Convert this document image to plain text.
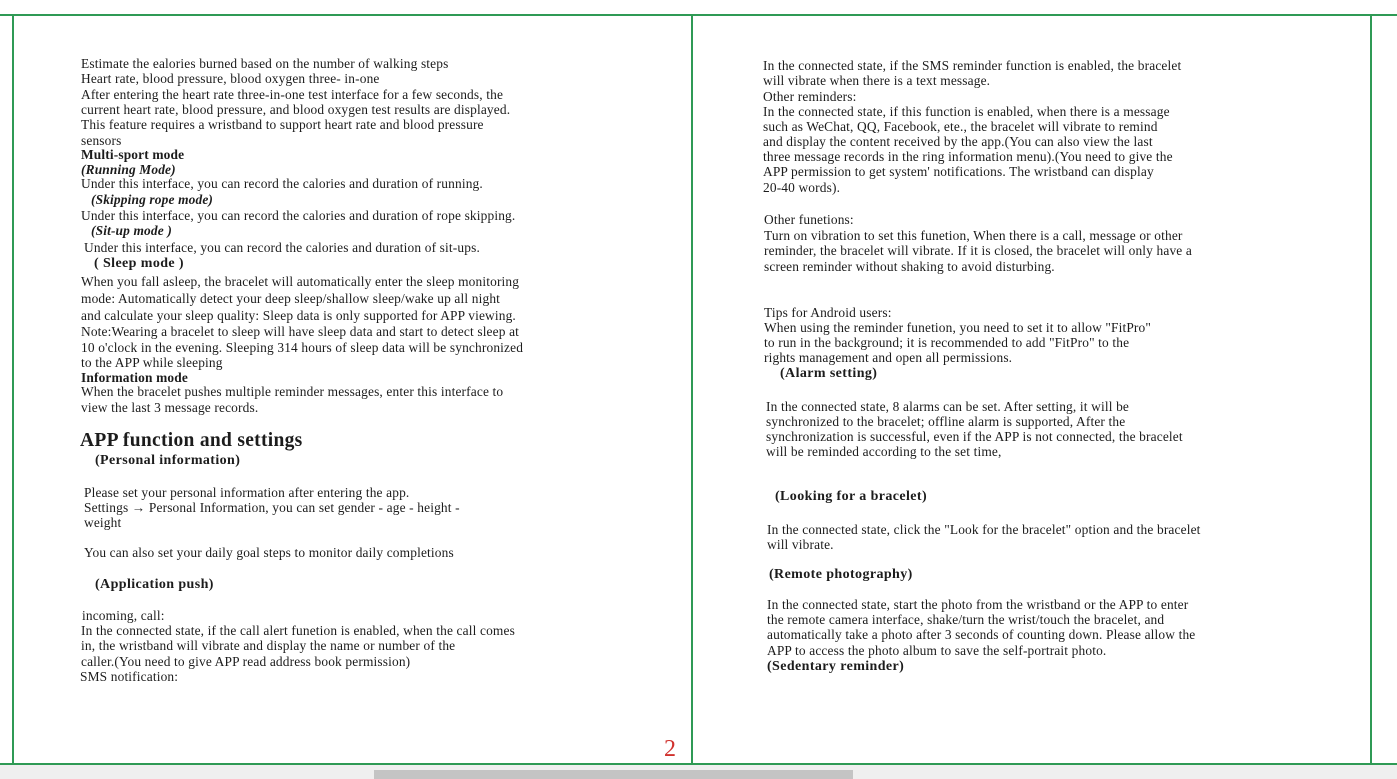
Estimate the ealories burned based on the number of walking steps
Heart rate, blood pressure, blood oxygen three- in-one
After entering the heart rate three-in-one test interface for a few seconds, the
current heart rate, blood pressure, and blood oxygen test results are displayed.
This feature requires a wristband to support heart rate and blood pressure
sensors
Multi-sport mode
(Running Mode)
Under this interface, you can record the calories and duration of running.
(Skipping rope mode)
Under this interface, you can record the calories and duration of rope skipping.
(Sit-up mode )
Under this interface, you can record the calories and duration of sit-ups.
( Sleep mode )
When you fall asleep, the bracelet will automatically enter the sleep monitoring
mode: Automatically detect your deep sleep/shallow sleep/wake up all night
and calculate your sleep quality: Sleep data is only supported for APP viewing.
Note:Wearing a bracelet to sleep will have sleep data and start to detect sleep at
10 o'clock in the evening. Sleeping 314 hours of sleep data will be synchronized
to the APP while sleeping
Information mode
When the bracelet pushes multiple reminder messages, enter this interface to
view the last 3 message records.
APP function and settings
(Personal information)
Please set your personal information after entering the app.
Settings → Personal Information, you can set gender - age - height -
weight
You can also set your daily goal steps to monitor daily completions
(Application push)
incoming, call:
In the connected state, if the call alert funetion is enabled, when the call comes
in, the wristband will vibrate and display the name or number of the
caller.(You need to give APP read address book permission)
SMS notification:
In the connected state, if the SMS reminder function is enabled, the bracelet
will vibrate when there is a text message.
Other reminders:
In the connected state, if this function is enabled, when there is a message
such as WeChat, QQ, Facebook, ete., the bracelet will vibrate to remind
and display the content received by the app.(You can also view the last
three message records in the ring information menu).(You need to give the
APP permission to get system' notifications. The wristband can display
20-40 words).
Other funetions:
Turn on vibration to set this funetion, When there is a call, message or other
reminder, the bracelet will vibrate. If it is closed, the bracelet will only have a
screen reminder without shaking to avoid disturbing.
Tips for Android users:
When using the reminder funetion, you need to set it to allow "FitPro"
to run in the background; it is recommended to add "FitPro" to the
rights management and open all permissions.
(Alarm setting)
In the connected state, 8 alarms can be set. After setting, it will be
synchronized to the bracelet; offline alarm is supported, After the
synchronization is successful, even if the APP is not connected, the bracelet
will be reminded according to the set time,
(Looking for a bracelet)
In the connected state, click the "Look for the bracelet" option and the bracelet
will vibrate.
(Remote photography)
In the connected state, start the photo from the wristband or the APP to enter
the remote camera interface, shake/turn the wrist/touch the bracelet, and
automatically take a photo after 3 seconds of counting down. Please allow the
APP to access the photo album to save the self-portrait photo.
(Sedentary reminder)
2
